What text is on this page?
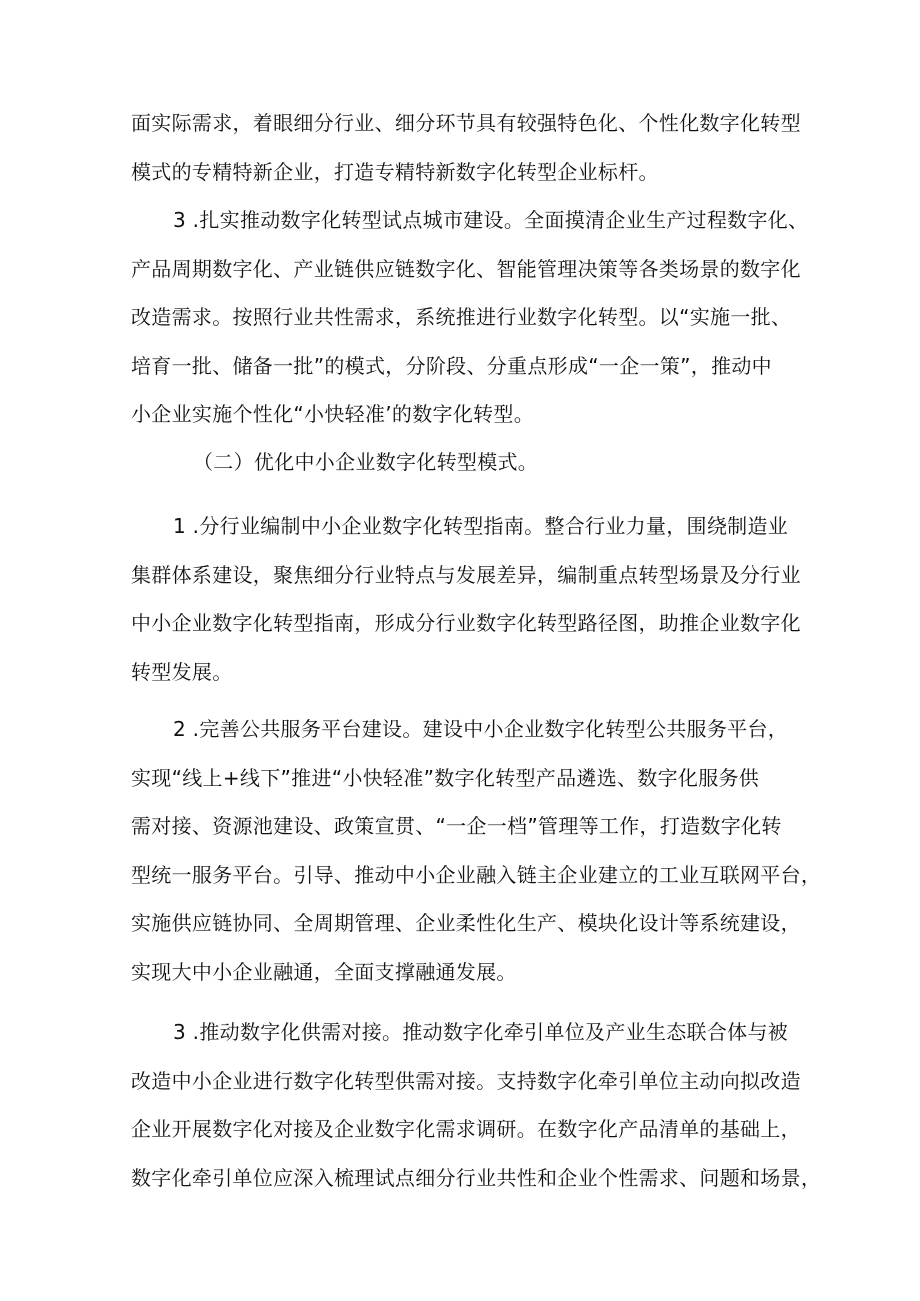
面实际需求，着眼细分行业、细分环节具有较强特色化、个性化数字化转型
模式的专精特新企业，打造专精特新数字化转型企业标杆。
3 .扎实推动数字化转型试点城市建设。全面摸清企业生产过程数字化、
产品周期数字化、产业链供应链数字化、智能管理决策等各类场景的数字化
改造需求。按照行业共性需求，系统推进行业数字化转型。以“实施一批、
培育一批、储备一批”的模式，分阶段、分重点形成“一企一策”，推动中
小企业实施个性化“小快轻准’的数字化转型。
（二）优化中小企业数字化转型模式。
1 .分行业编制中小企业数字化转型指南。整合行业力量，围绕制造业
集群体系建设，聚焦细分行业特点与发展差异，编制重点转型场景及分行业
中小企业数字化转型指南，形成分行业数字化转型路径图，助推企业数字化
转型发展。
2 .完善公共服务平台建设。建设中小企业数字化转型公共服务平台，
实现“线上+线下”推进“小快轻准”数字化转型产品遴选、数字化服务供
需对接、资源池建设、政策宣贯、“一企一档”管理等工作，打造数字化转
型统一服务平台。引导、推动中小企业融入链主企业建立的工业互联网平台，
实施供应链协同、全周期管理、企业柔性化生产、模块化设计等系统建设，
实现大中小企业融通，全面支撑融通发展。
3 .推动数字化供需对接。推动数字化牵引单位及产业生态联合体与被
改造中小企业进行数字化转型供需对接。支持数字化牵引单位主动向拟改造
企业开展数字化对接及企业数字化需求调研。在数字化产品清单的基础上，
数字化牵引单位应深入梳理试点细分行业共性和企业个性需求、问题和场景，
